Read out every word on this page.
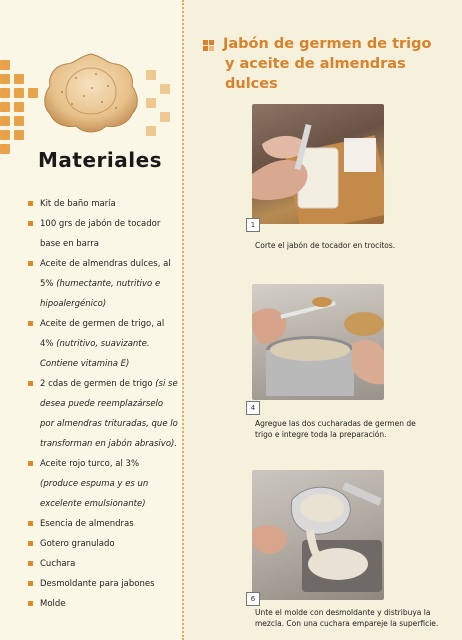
Materiales
Kit de baño maría
100 grs de jabón de tocador base en barra
Aceite de almendras dulces, al 5% (humectante, nutritivo e hipoalergénico)
Aceite de germen de trigo, al 4% (nutritivo, suavizante. Contiene vitamina E)
2 cdas de germen de trigo (si se desea puede reemplazárselo por almendras trituradas, que lo transforman en jabón abrasivo).
Aceite rojo turco, al 3% (produce espuma y es un excelente emulsionante)
Esencia de almendras
Gotero granulado
Cuchara
Desmoldante para jabones
Molde

Jabón de germen de trigo

y aceite de almendras dulces

1
Corte el jabón de tocador en trocitos.
4
Agregue las dos cucharadas de germen de trigo e integre toda la preparación.
6
Unte el molde con desmoldante y distribuya la mezcla. Con una cuchara empareje la superficie.
